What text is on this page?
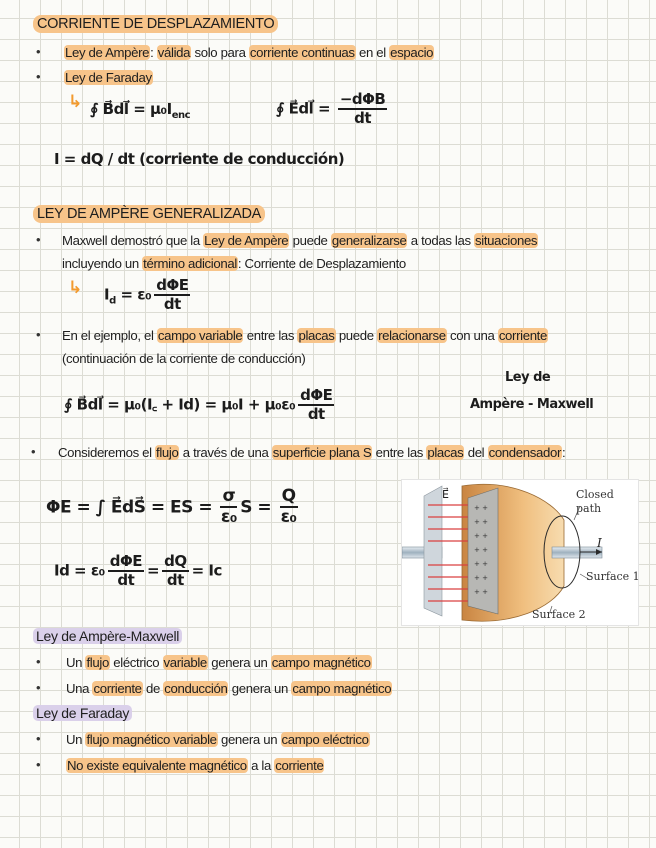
CORRIENTE DE DESPLAZAMIENTO
• Ley de Ampère: válida solo para corriente continuas en el espacio
• Ley de Faraday
↳ ∮ B⃗dl⃗ = $\mu_0I_{enc}$	∮ E⃗dl⃗ = $\frac{\text{−dΦB}}{dt}$
I = dQ / dt (corriente de conducción)
LEY DE AMPÈRE GENERALIZADA
• Maxwell demostró que la Ley de Ampère puede generalizarse a todas las situaciones
incluyendo un término adicional: Corriente de Desplazamiento
↳ $I_d = \varepsilon_0 \frac{\text{dΦE}}{dt}$
• En el ejemplo, el campo variable entre las placas puede relacionarse con una corriente
(continuación de la corriente de conducción)
Ley de
Ampère - Maxwell
∮ B⃗dl⃗ = μ₀(I꜀ + $Id) = \mu_0I + \mu_0\varepsilon_0 \frac{\text{dΦE}}{dt}$
• Consideremos el flujo a través de una superficie plana S entre las placas del condensador:
ΦE = ∫ E⃗dS⃗ = ES = $\frac{\sigma}{\text{ε₀}}$ $S = \frac{Q}{\text{ε₀}}$
$Id = \varepsilon_0 \frac{\text{dΦE}}{dt} = \frac{dQ}{dt} = Ic$
+ +
+ +
+ +
+ +
+ +
+ +
+ +
E⃗	Closed path
I
Surface 1
Surface 2
Ley de Ampère-Maxwell
• Un flujo eléctrico variable genera un campo magnético
• Una corriente de conducción genera un campo magnético
Ley de Faraday
• Un flujo magnético variable genera un campo eléctrico
• No existe equivalente magnético a la corriente
